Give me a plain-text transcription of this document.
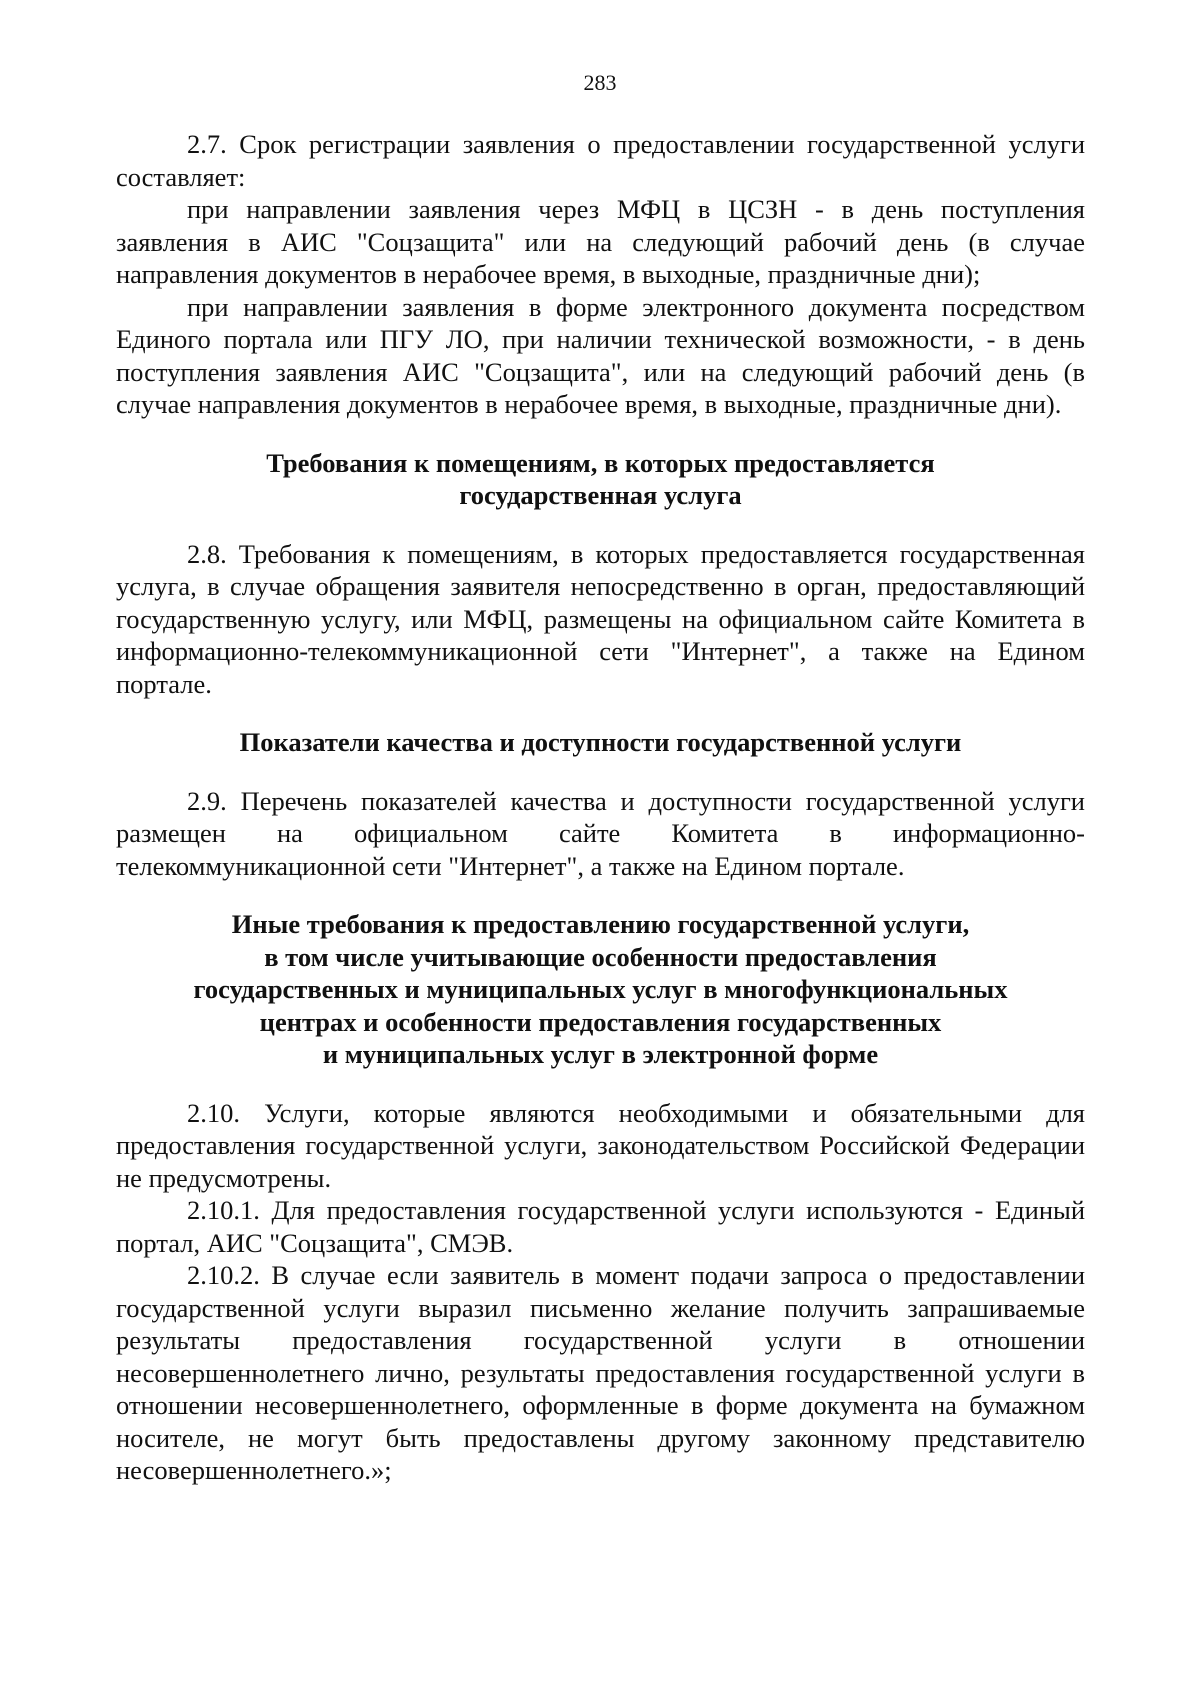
283

2.7. Срок регистрации заявления о предоставлении государственной услуги составляет:

при направлении заявления через МФЦ в ЦСЗН - в день поступления заявления в АИС "Соцзащита" или на следующий рабочий день (в случае направления документов в нерабочее время, в выходные, праздничные дни);

при направлении заявления в форме электронного документа посредством Единого портала или ПГУ ЛО, при наличии технической возможности, - в день поступления заявления АИС "Соцзащита", или на следующий рабочий день (в случае направления документов в нерабочее время, в выходные, праздничные дни).

Требования к помещениям, в которых предоставляется

государственная услуга

2.8. Требования к помещениям, в которых предоставляется государственная услуга, в случае обращения заявителя непосредственно в орган, предоставляющий государственную услугу, или МФЦ, размещены на официальном сайте Комитета в информационно-телекоммуникационной сети "Интернет", а также на Едином портале.

Показатели качества и доступности государственной услуги

2.9. Перечень показателей качества и доступности государственной услуги размещен на официальном сайте Комитета в информационно-телекоммуникационной сети "Интернет", а также на Едином портале.

Иные требования к предоставлению государственной услуги,

в том числе учитывающие особенности предоставления

государственных и муниципальных услуг в многофункциональных

центрах и особенности предоставления государственных

и муниципальных услуг в электронной форме

2.10. Услуги, которые являются необходимыми и обязательными для предоставления государственной услуги, законодательством Российской Федерации не предусмотрены.

2.10.1. Для предоставления государственной услуги используются - Единый портал, АИС "Соцзащита", СМЭВ.

2.10.2. В случае если заявитель в момент подачи запроса о предоставлении государственной услуги выразил письменно желание получить запрашиваемые результаты предоставления государственной услуги в отношении несовершеннолетнего лично, результаты предоставления государственной услуги в отношении несовершеннолетнего, оформленные в форме документа на бумажном носителе, не могут быть предоставлены другому законному представителю несовершеннолетнего.»;
